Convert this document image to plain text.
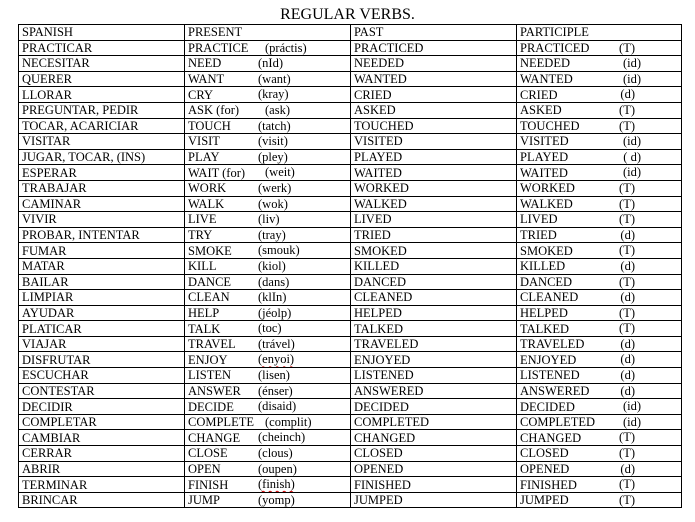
REGULAR VERBS.
SPANISH	PRESENT	PAST	PARTICIPLE
PRACTICAR	PRACTICE (práctis)	PRACTICED	PRACTICED (T)

NECESITAR	NEED (nId)	NEEDED	NEEDED (id)

QUERER	WANT (want)	WANTED	WANTED (id)

LLORAR	CRY (kray)	CRIED	CRIED (d)

PREGUNTAR, PEDIR	ASK (for) (ask)	ASKED	ASKED (T)

TOCAR, ACARICIAR	TOUCH (tatch)	TOUCHED	TOUCHED (T)

VISITAR	VISIT (visit)	VISITED	VISITED (id)

JUGAR, TOCAR, (INS)	PLAY (pley)	PLAYED	PLAYED ( d)

ESPERAR	WAIT (for) (weit)	WAITED	WAITED (id)

TRABAJAR	WORK (werk)	WORKED	WORKED (T)

CAMINAR	WALK (wok)	WALKED	WALKED (T)

VIVIR	LIVE (liv)	LIVED	LIVED (T)

PROBAR, INTENTAR	TRY (tray)	TRIED	TRIED (d)

FUMAR	SMOKE (smouk)	SMOKED	SMOKED (T)

MATAR	KILL (kiol)	KILLED	KILLED (d)

BAILAR	DANCE (dans)	DANCED	DANCED (T)

LIMPIAR	CLEAN (klIn)	CLEANED	CLEANED (d)

AYUDAR	HELP (jéolp)	HELPED	HELPED (T)

PLATICAR	TALK (toc)	TALKED	TALKED (T)

VIAJAR	TRAVEL (trável)	TRAVELED	TRAVELED (d)

DISFRUTAR	ENJOY (enyoi)	ENJOYED	ENJOYED (d)

ESCUCHAR	LISTEN (lisen)	LISTENED	LISTENED (d)

CONTESTAR	ANSWER (énser)	ANSWERED	ANSWERED (d)

DECIDIR	DECIDE (disaid)	DECIDED	DECIDED (id)

COMPLETAR	COMPLETE (complit)	COMPLETED	COMPLETED (id)

CAMBIAR	CHANGE (cheinch)	CHANGED	CHANGED (T)

CERRAR	CLOSE (clous)	CLOSED	CLOSED (T)

ABRIR	OPEN (oupen)	OPENED	OPENED (d)

TERMINAR	FINISH (finish)	FINISHED	FINISHED (T)

BRINCAR	JUMP (yomp)	JUMPED	JUMPED (T)
